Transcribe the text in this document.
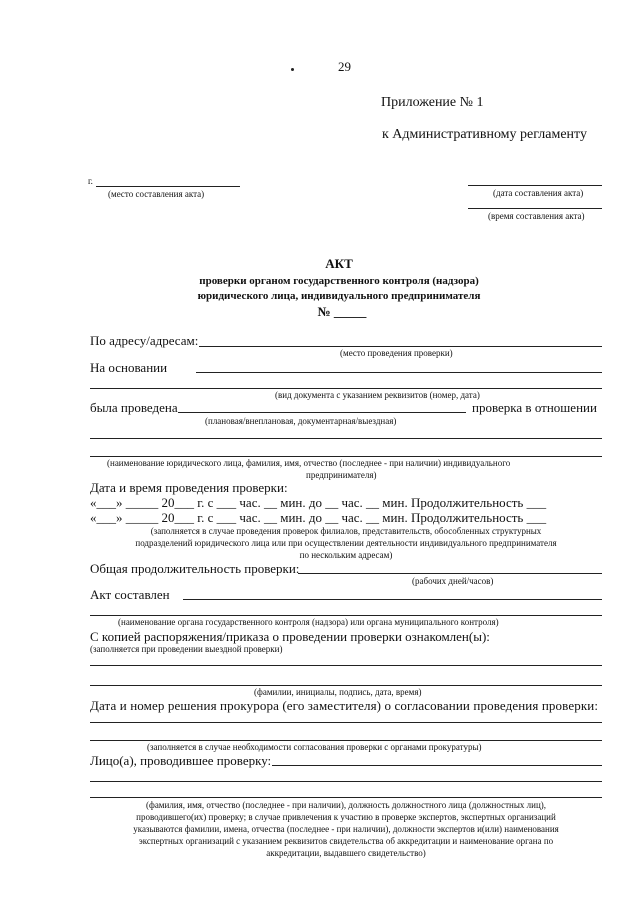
29
Приложение № 1
к Административному регламенту
г.
(место составления акта)	(дата составления акта)
(время составления акта)
АКТ
проверки органом государственного контроля (надзора)
юридического лица, индивидуального предпринимателя
№ _____
По адресу/адресам:
(место проведения проверки)
На основании
(вид документа с указанием реквизитов (номер, дата)
была проведена	проверка в отношении
(плановая/внеплановая, документарная/выездная)
(наименование юридического лица, фамилия, имя, отчество (последнее - при наличии) индивидуального
предпринимателя)
Дата и время проведения проверки:
«___» _____ 20___ г. с ___ час. __ мин. до __ час. __ мин. Продолжительность ___
«___» _____ 20___ г. с ___ час. __ мин. до __ час. __ мин. Продолжительность ___
(заполняется в случае проведения проверок филиалов, представительств, обособленных структурных
подразделений юридического лица или при осуществлении деятельности индивидуального предпринимателя
по нескольким адресам)
Общая продолжительность проверки:
(рабочих дней/часов)
Акт составлен
(наименование органа государственного контроля (надзора) или органа муниципального контроля)
С копией распоряжения/приказа о проведении проверки ознакомлен(ы):
(заполняется при проведении выездной проверки)
(фамилии, инициалы, подпись, дата, время)
Дата и номер решения прокурора (его заместителя) о согласовании проведения проверки:
(заполняется в случае необходимости согласования проверки с органами прокуратуры)
Лицо(а), проводившее проверку:
(фамилия, имя, отчество (последнее - при наличии), должность должностного лица (должностных лиц),
проводившего(их) проверку; в случае привлечения к участию в проверке экспертов, экспертных организаций
указываются фамилии, имена, отчества (последнее - при наличии), должности экспертов и(или) наименования
экспертных организаций с указанием реквизитов свидетельства об аккредитации и наименование органа по
аккредитации, выдавшего свидетельство)
